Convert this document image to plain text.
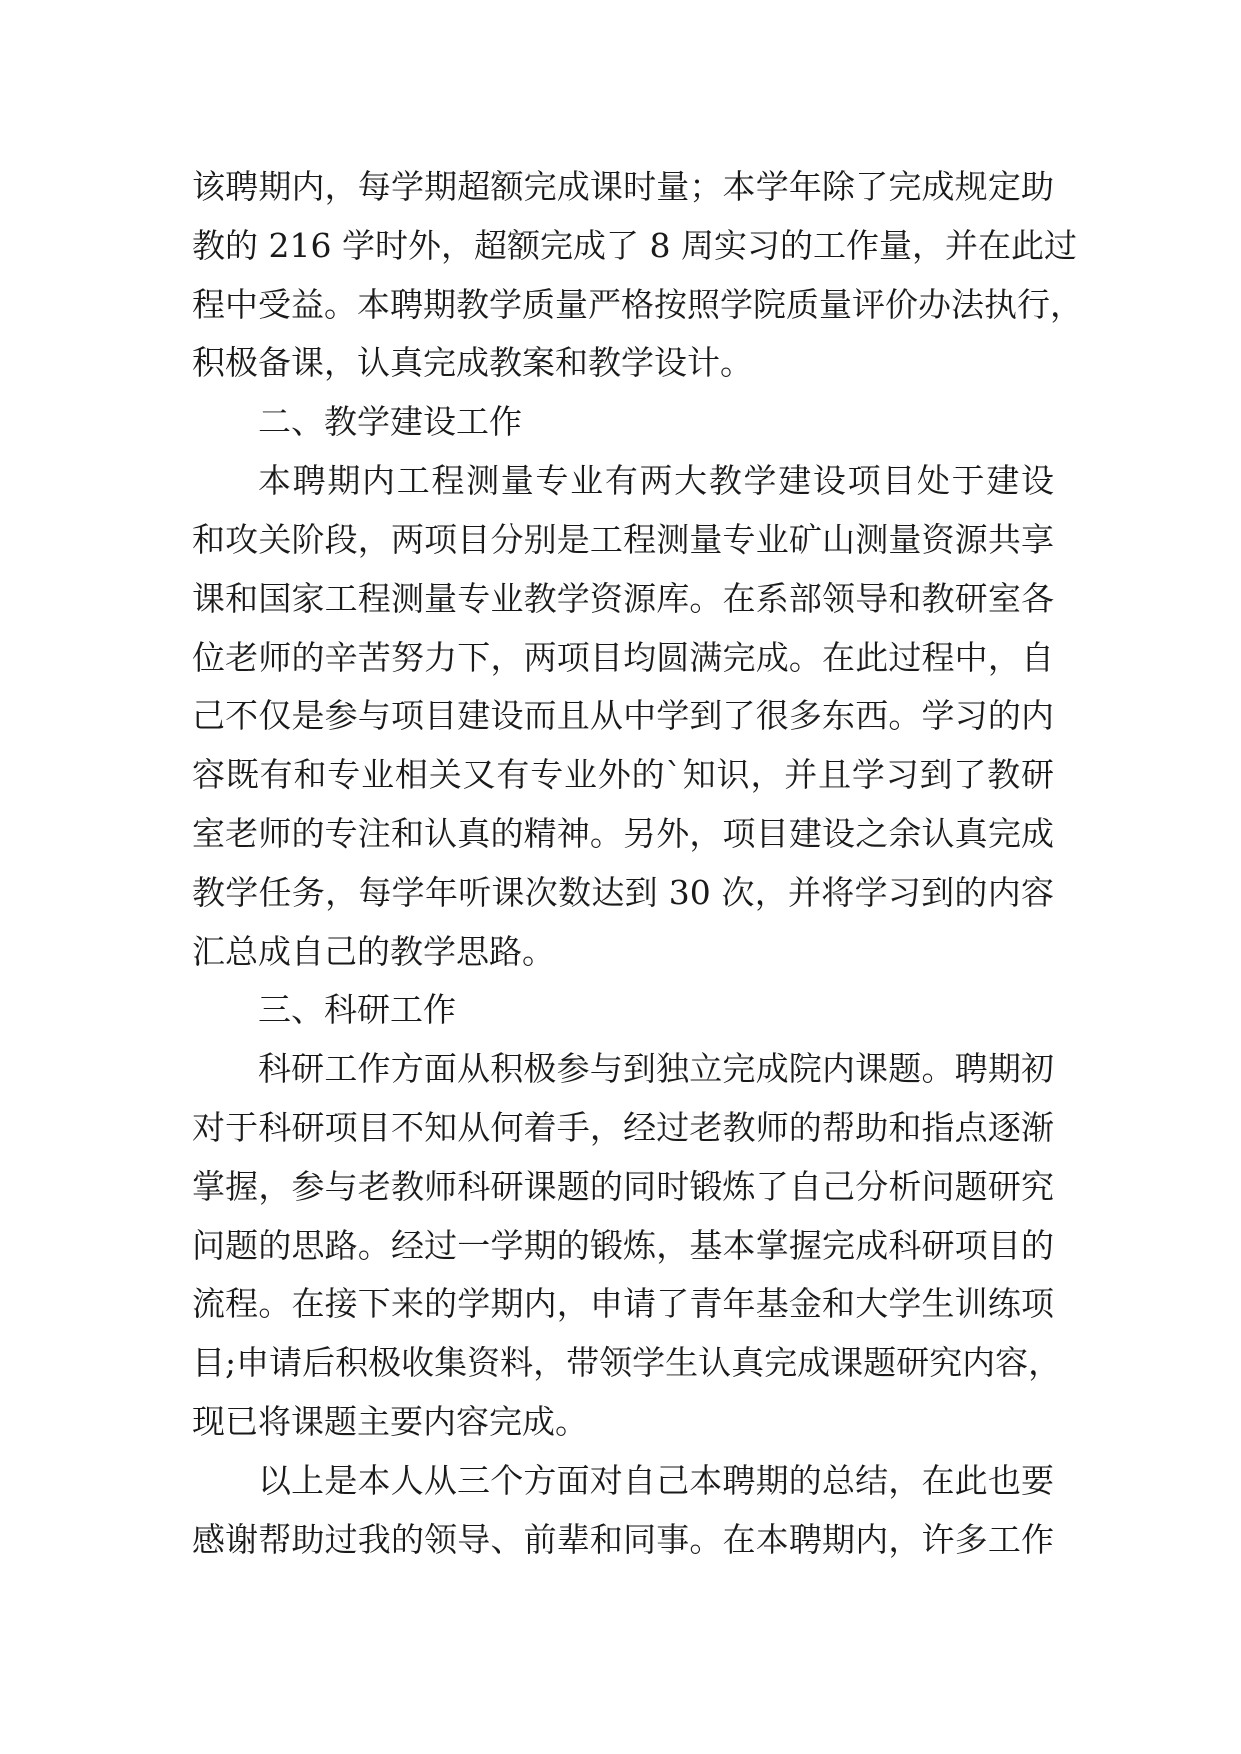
该聘期内，每学期超额完成课时量；本学年除了完成规定助
教的 216 学时外，超额完成了 8 周实习的工作量，并在此过
程中受益。本聘期教学质量严格按照学院质量评价办法执行，
积极备课，认真完成教案和教学设计。
二、教学建设工作
本聘期内工程测量专业有两大教学建设项目处于建设
和攻关阶段，两项目分别是工程测量专业矿山测量资源共享
课和国家工程测量专业教学资源库。在系部领导和教研室各
位老师的辛苦努力下，两项目均圆满完成。在此过程中，自
己不仅是参与项目建设而且从中学到了很多东西。学习的内
容既有和专业相关又有专业外的`知识，并且学习到了教研
室老师的专注和认真的精神。另外，项目建设之余认真完成
教学任务，每学年听课次数达到 30 次，并将学习到的内容
汇总成自己的教学思路。
三、科研工作
科研工作方面从积极参与到独立完成院内课题。聘期初
对于科研项目不知从何着手，经过老教师的帮助和指点逐渐
掌握，参与老教师科研课题的同时锻炼了自己分析问题研究
问题的思路。经过一学期的锻炼，基本掌握完成科研项目的
流程。在接下来的学期内，申请了青年基金和大学生训练项
目;申请后积极收集资料，带领学生认真完成课题研究内容，
现已将课题主要内容完成。
以上是本人从三个方面对自己本聘期的总结，在此也要
感谢帮助过我的领导、前辈和同事。在本聘期内，许多工作
